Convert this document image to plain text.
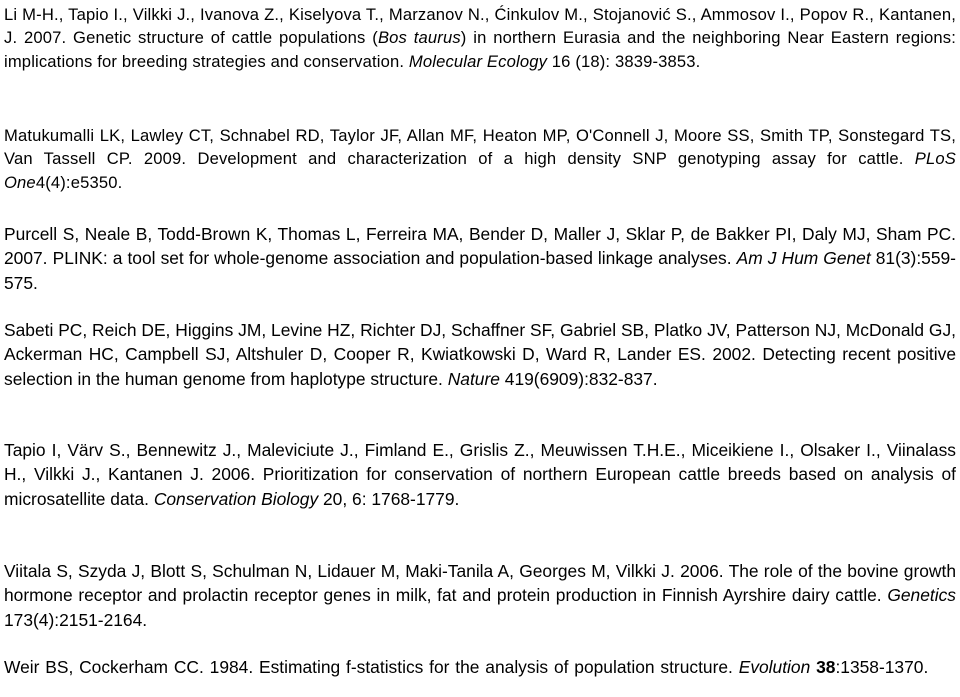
Li M-H., Tapio I., Vilkki J., Ivanova Z., Kiselyova T., Marzanov N., Ćinkulov M., Stojanović S., Ammosov I., Popov R., Kantanen, J. 2007. Genetic structure of cattle populations (Bos taurus) in northern Eurasia and the neighboring Near Eastern regions: implications for breeding strategies and conservation. Molecular Ecology 16 (18): 3839-3853.

Matukumalli LK, Lawley CT, Schnabel RD, Taylor JF, Allan MF, Heaton MP, O'Connell J, Moore SS, Smith TP, Sonstegard TS, Van Tassell CP. 2009. Development and characterization of a high density SNP genotyping assay for cattle. PLoS One4(4):e5350.

Purcell S, Neale B, Todd-Brown K, Thomas L, Ferreira MA, Bender D, Maller J, Sklar P, de Bakker PI, Daly MJ, Sham PC. 2007. PLINK: a tool set for whole-genome association and population-based linkage analyses. Am J Hum Genet 81(3):559-575.

Sabeti PC, Reich DE, Higgins JM, Levine HZ, Richter DJ, Schaffner SF, Gabriel SB, Platko JV, Patterson NJ, McDonald GJ, Ackerman HC, Campbell SJ, Altshuler D, Cooper R, Kwiatkowski D, Ward R, Lander ES. 2002. Detecting recent positive selection in the human genome from haplotype structure. Nature 419(6909):832-837.

Tapio I, Värv S., Bennewitz J., Maleviciute J., Fimland E., Grislis Z., Meuwissen T.H.E., Miceikiene I., Olsaker I., Viinalass H., Vilkki J., Kantanen J. 2006. Prioritization for conservation of northern European cattle breeds based on analysis of microsatellite data. Conservation Biology 20, 6: 1768-1779.

Viitala S, Szyda J, Blott S, Schulman N, Lidauer M, Maki-Tanila A, Georges M, Vilkki J. 2006. The role of the bovine growth hormone receptor and prolactin receptor genes in milk, fat and protein production in Finnish Ayrshire dairy cattle. Genetics 173(4):2151-2164.

Weir BS, Cockerham CC. 1984. Estimating f-statistics for the analysis of population structure. Evolution 38:1358-1370.
